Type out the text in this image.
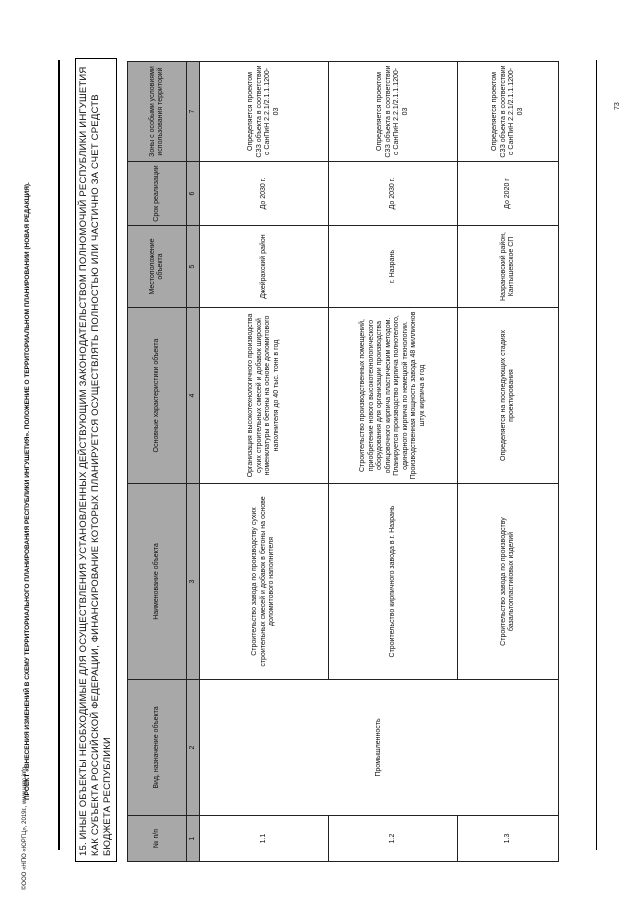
ПРОЕКТ «ВНЕСЕНИЯ ИЗМЕНЕНИЙ В СХЕМУ ТЕРРИТОРИАЛЬНОГО ПЛАНИРОВАНИЯ РЕСПУБЛИКИ ИНГУШЕТИЯ». ПОЛОЖЕНИЕ О ТЕРРИТОРИАЛЬНОМ ПЛАНИРОВАНИИ (НОВАЯ РЕДАКЦИЯ).
©ООО «НПО «ЮРГЦ», 2019г., www.urgc.info
73
15. ИНЫЕ ОБЪЕКТЫ НЕОБХОДИМЫЕ ДЛЯ ОСУЩЕСТВЛЕНИЯ УСТАНОВЛЕННЫХ ДЕЙСТВУЮЩИМ ЗАКОНОДАТЕЛЬСТВОМ ПОЛНОМОЧИЙ РЕСПУБЛИКИ ИНГУШЕТИЯ КАК СУБЪЕКТА РОССИЙСКОЙ ФЕДЕРАЦИИ, ФИНАНСИРОВАНИЕ КОТОРЫХ ПЛАНИРУЕТСЯ ОСУЩЕСТВЛЯТЬ ПОЛНОСТЬЮ ИЛИ ЧАСТИЧНО ЗА СЧЕТ СРЕДСТВ БЮДЖЕТА РЕСПУБЛИКИ	№ п/п	Вид, назначение объекта	Наименование объекта	Основные характеристики объекта	Местоположение объекта	Срок реализации	Зоны с особыми условиями использования территорий
1	2	3	4	5	6	7
1.1	Промышленность	Строительство завода по производству сухих строительных смесей и добавок в бетоны на основе доломитового наполнителя	Организация высокотехнологичного производства сухих строительных смесей и добавок широкой номенклатуры в бетоны на основе доломитового наполнителя до 40 тыс. тонн в год	Джейрахский район	До 2030 г.	Определяется проектом СЗЗ объекта в соответствии с СанПиН 2.2.1/2.1.1.1200-03
1.2		Строительство кирпичного завода в г. Назрань	Строительство производственных помещений, приобретение нового высокотехнологического оборудования для организации производства облицовочного кирпича пластическим методом. Планируется производство кирпича полнотелого, одинарного кирпича по немецкой технологии. Производственная мощность завода 48 миллионов штук кирпича в год	г. Назрань	До 2030 г.	Определяется проектом СЗЗ объекта в соответствии с СанПиН 2.2.1/2.1.1.1200-03
1.3		Строительство завода по производству базальтопластиковых изделий	Определяется на последующих стадиях проектирования	Назрановский район, Кантышевское СП	До 2020 г	Определяется проектом СЗЗ объекта в соответствии с СанПиН 2.2.1/2.1.1.1200-03
